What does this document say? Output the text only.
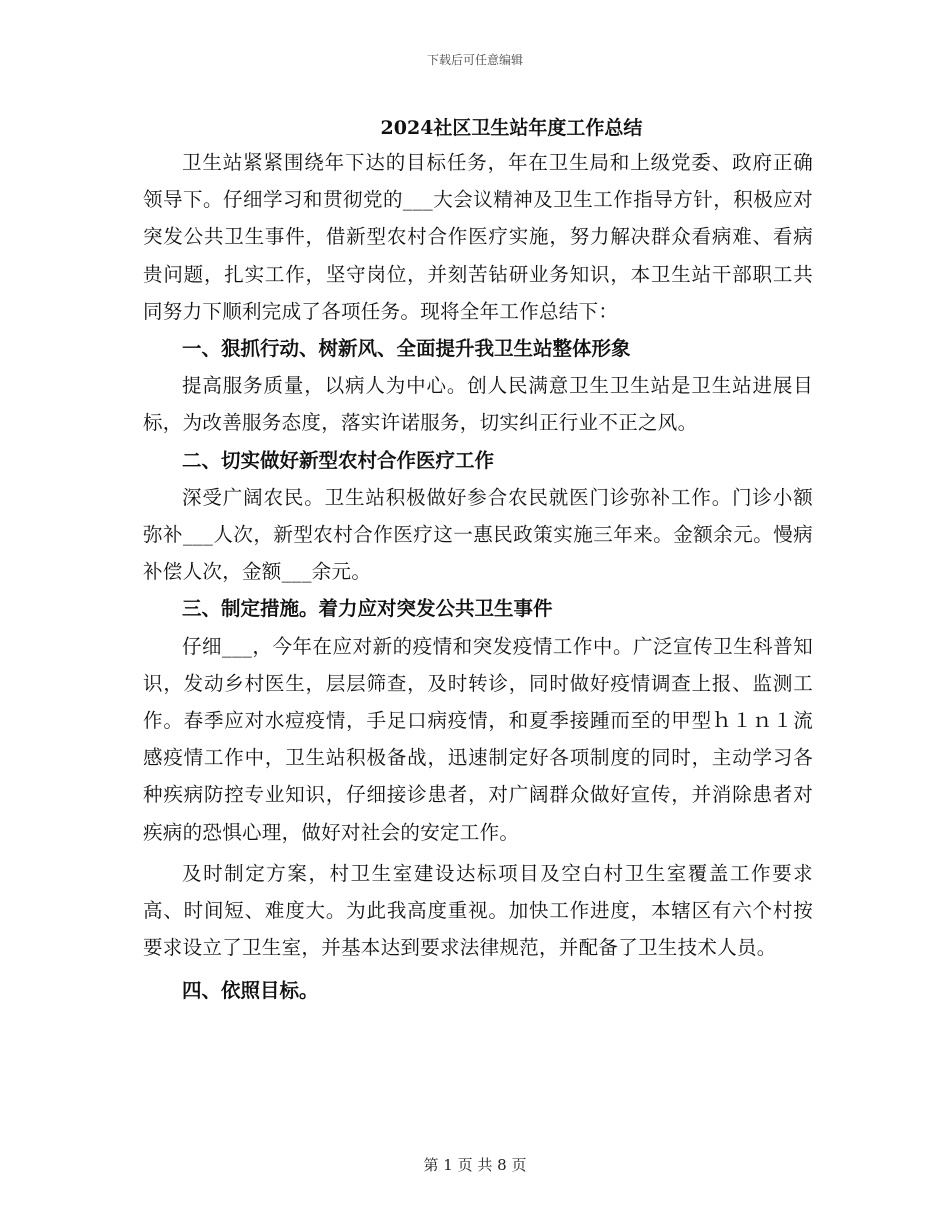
下载后可任意编辑
2024社区卫生站年度工作总结

卫生站紧紧围绕年下达的目标任务，年在卫生局和上级党委、政府正确领导下。仔细学习和贯彻党的___大会议精神及卫生工作指导方针，积极应对突发公共卫生事件，借新型农村合作医疗实施，努力解决群众看病难、看病贵问题，扎实工作，坚守岗位，并刻苦钻研业务知识，本卫生站干部职工共同努力下顺利完成了各项任务。现将全年工作总结下：

一、狠抓行动、树新风、全面提升我卫生站整体形象

提高服务质量，以病人为中心。创人民满意卫生卫生站是卫生站进展目标，为改善服务态度，落实许诺服务，切实纠正行业不正之风。

二、切实做好新型农村合作医疗工作

深受广阔农民。卫生站积极做好参合农民就医门诊弥补工作。门诊小额弥补___人次，新型农村合作医疗这一惠民政策实施三年来。金额余元。慢病补偿人次，金额___余元。

三、制定措施。着力应对突发公共卫生事件

仔细___，今年在应对新的疫情和突发疫情工作中。广泛宣传卫生科普知识，发动乡村医生，层层筛查，及时转诊，同时做好疫情调查上报、监测工作。春季应对水痘疫情，手足口病疫情，和夏季接踵而至的甲型ｈ１ｎ１流感疫情工作中，卫生站积极备战，迅速制定好各项制度的同时，主动学习各种疾病防控专业知识，仔细接诊患者，对广阔群众做好宣传，并消除患者对疾病的恐惧心理，做好对社会的安定工作。

及时制定方案，村卫生室建设达标项目及空白村卫生室覆盖工作要求高、时间短、难度大。为此我高度重视。加快工作进度，本辖区有六个村按要求设立了卫生室，并基本达到要求法律规范，并配备了卫生技术人员。

四、依照目标。

第 1 页 共 8 页
